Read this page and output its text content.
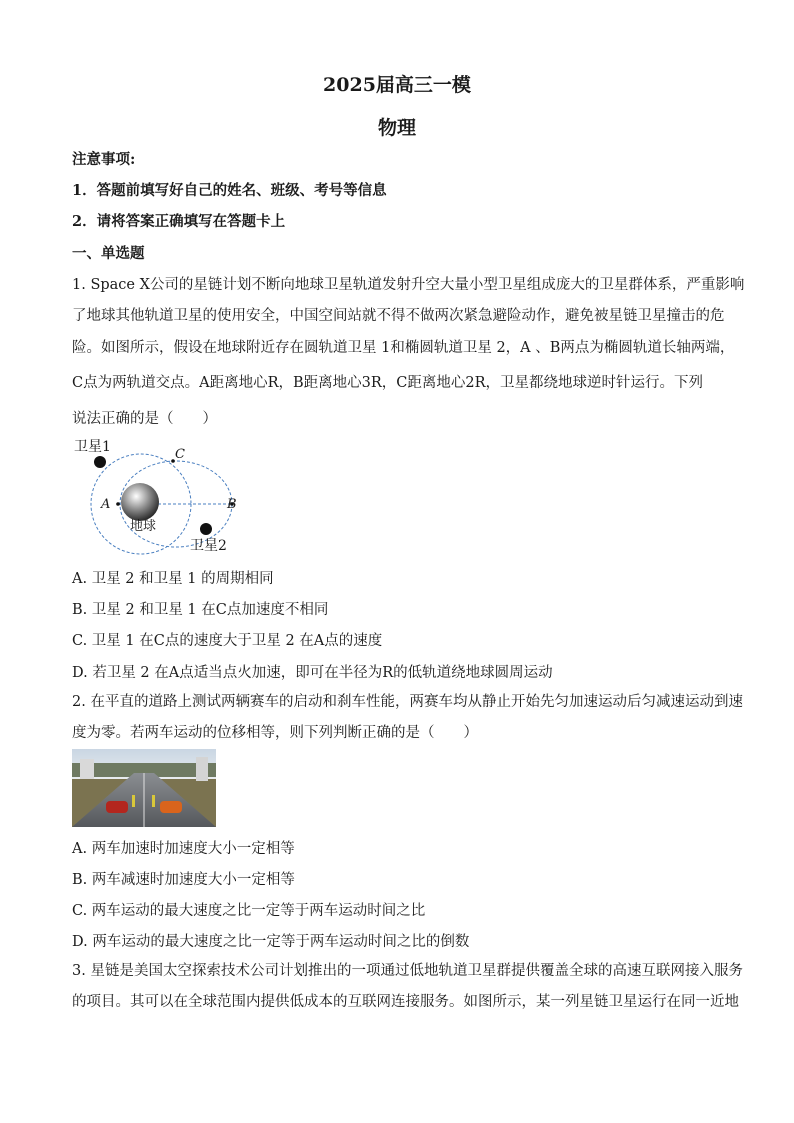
2025届高三一模
物理
注意事项:
1．答题前填写好自己的姓名、班级、考号等信息
2．请将答案正确填写在答题卡上
一、单选题
1. Space X公司的星链计划不断向地球卫星轨道发射升空大量小型卫星组成庞大的卫星群体系，严重影响
了地球其他轨道卫星的使用安全，中国空间站就不得不做两次紧急避险动作，避免被星链卫星撞击的危
险。如图所示，假设在地球附近存在圆轨道卫星 1和椭圆轨道卫星 2，A 、B两点为椭圆轨道长轴两端，
C点为两轨道交点。A距离地心R，B距离地心3R，C距离地心2R，卫星都绕地球逆时针运行。下列
说法正确的是（　　）
卫星1
卫星2
地球
A	B
C
A. 卫星 2 和卫星 1 的周期相同
B. 卫星 2 和卫星 1 在C点加速度不相同
C. 卫星 1 在C点的速度大于卫星 2 在A点的速度
D. 若卫星 2 在A点适当点火加速，即可在半径为R的低轨道绕地球圆周运动
2. 在平直的道路上测试两辆赛车的启动和刹车性能，两赛车均从静止开始先匀加速运动后匀减速运动到速
度为零。若两车运动的位移相等，则下列判断正确的是（　　）
A. 两车加速时加速度大小一定相等
B. 两车减速时加速度大小一定相等
C. 两车运动的最大速度之比一定等于两车运动时间之比
D. 两车运动的最大速度之比一定等于两车运动时间之比的倒数
3. 星链是美国太空探索技术公司计划推出的一项通过低地轨道卫星群提供覆盖全球的高速互联网接入服务
的项目。其可以在全球范围内提供低成本的互联网连接服务。如图所示，某一列星链卫星运行在同一近地
